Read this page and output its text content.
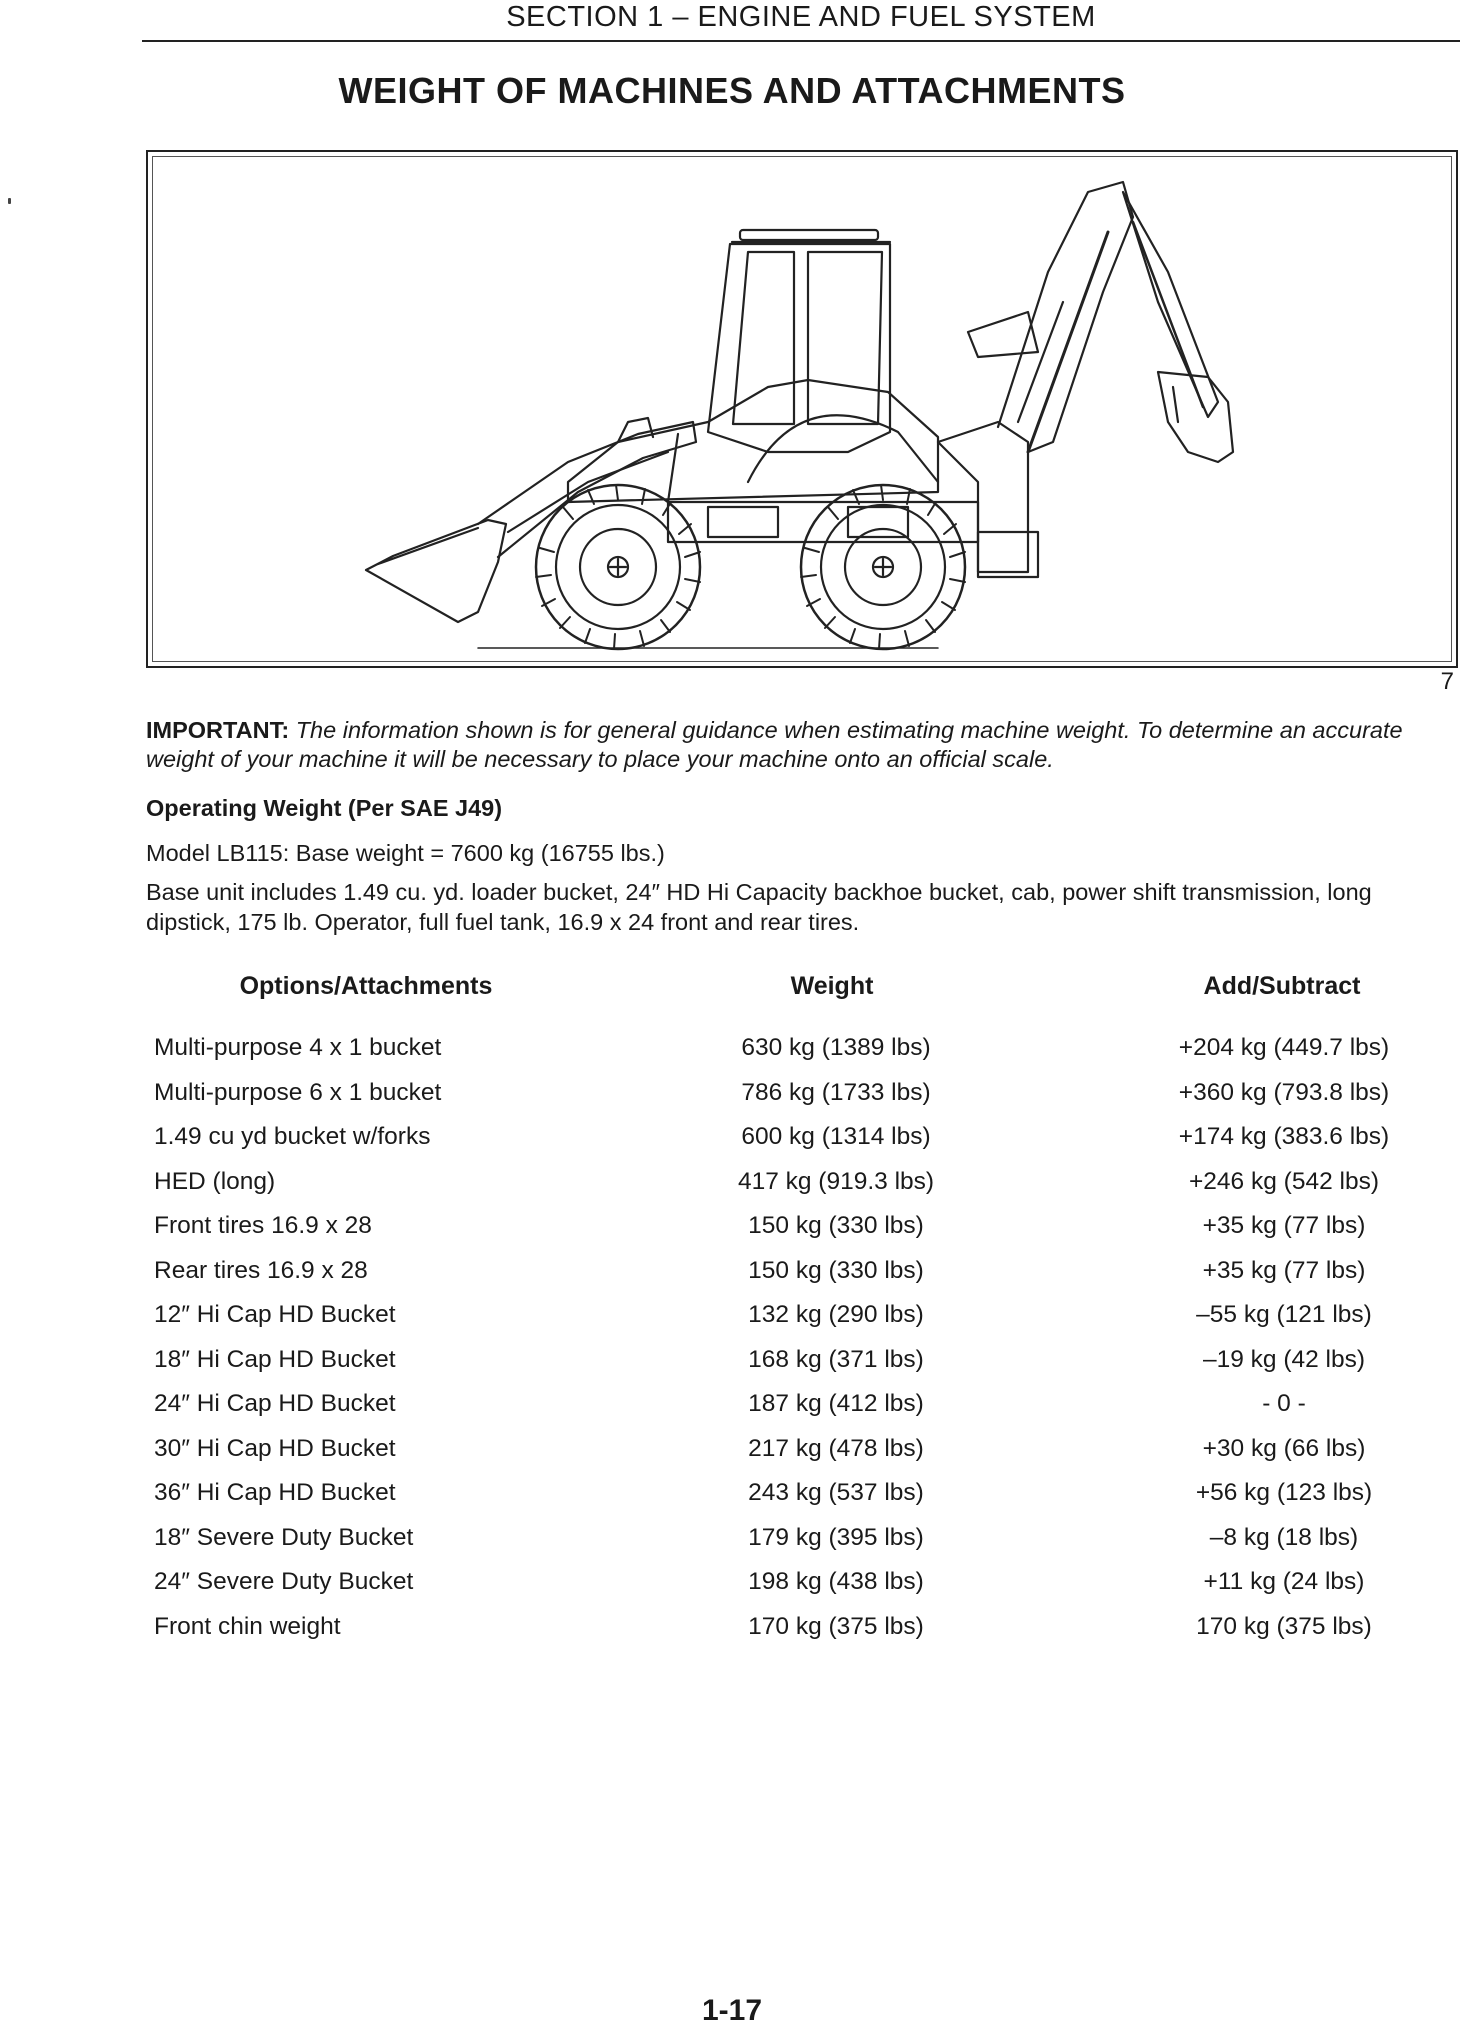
SECTION 1 – ENGINE AND FUEL SYSTEM
WEIGHT OF MACHINES AND ATTACHMENTS
7
IMPORTANT: The information shown is for general guidance when estimating machine weight. To determine an accurate weight of your machine it will be necessary to place your machine onto an official scale.
Operating Weight (Per SAE J49)
Model LB115: Base weight = 7600 kg (16755 lbs.)
Base unit includes 1.49 cu. yd. loader bucket, 24″ HD Hi Capacity backhoe bucket, cab, power shift transmission, long dipstick, 175 lb. Operator, full fuel tank, 16.9 x 24 front and rear tires.
Options/Attachments	Weight	Add/Subtract
Multi-purpose 4 x 1 bucket	630 kg (1389 lbs)	+204 kg (449.7 lbs)
Multi-purpose 6 x 1 bucket	786 kg (1733 lbs)	+360 kg (793.8 lbs)
1.49 cu yd bucket w/forks	600 kg (1314 lbs)	+174 kg (383.6 lbs)
HED (long)	417 kg (919.3 lbs)	+246 kg (542 lbs)
Front tires 16.9 x 28	150 kg (330 lbs)	+35 kg (77 lbs)
Rear tires 16.9 x 28	150 kg (330 lbs)	+35 kg (77 lbs)
12″ Hi Cap HD Bucket	132 kg (290 lbs)	–55 kg (121 lbs)
18″ Hi Cap HD Bucket	168 kg (371 lbs)	–19 kg (42 lbs)
24″ Hi Cap HD Bucket	187 kg (412 lbs)	- 0 -
30″ Hi Cap HD Bucket	217 kg (478 lbs)	+30 kg (66 lbs)
36″ Hi Cap HD Bucket	243 kg (537 lbs)	+56 kg (123 lbs)
18″ Severe Duty Bucket	179 kg (395 lbs)	–8 kg (18 lbs)
24″ Severe Duty Bucket	198 kg (438 lbs)	+11 kg (24 lbs)
Front chin weight	170 kg (375 lbs)	170 kg (375 lbs)
1-17
